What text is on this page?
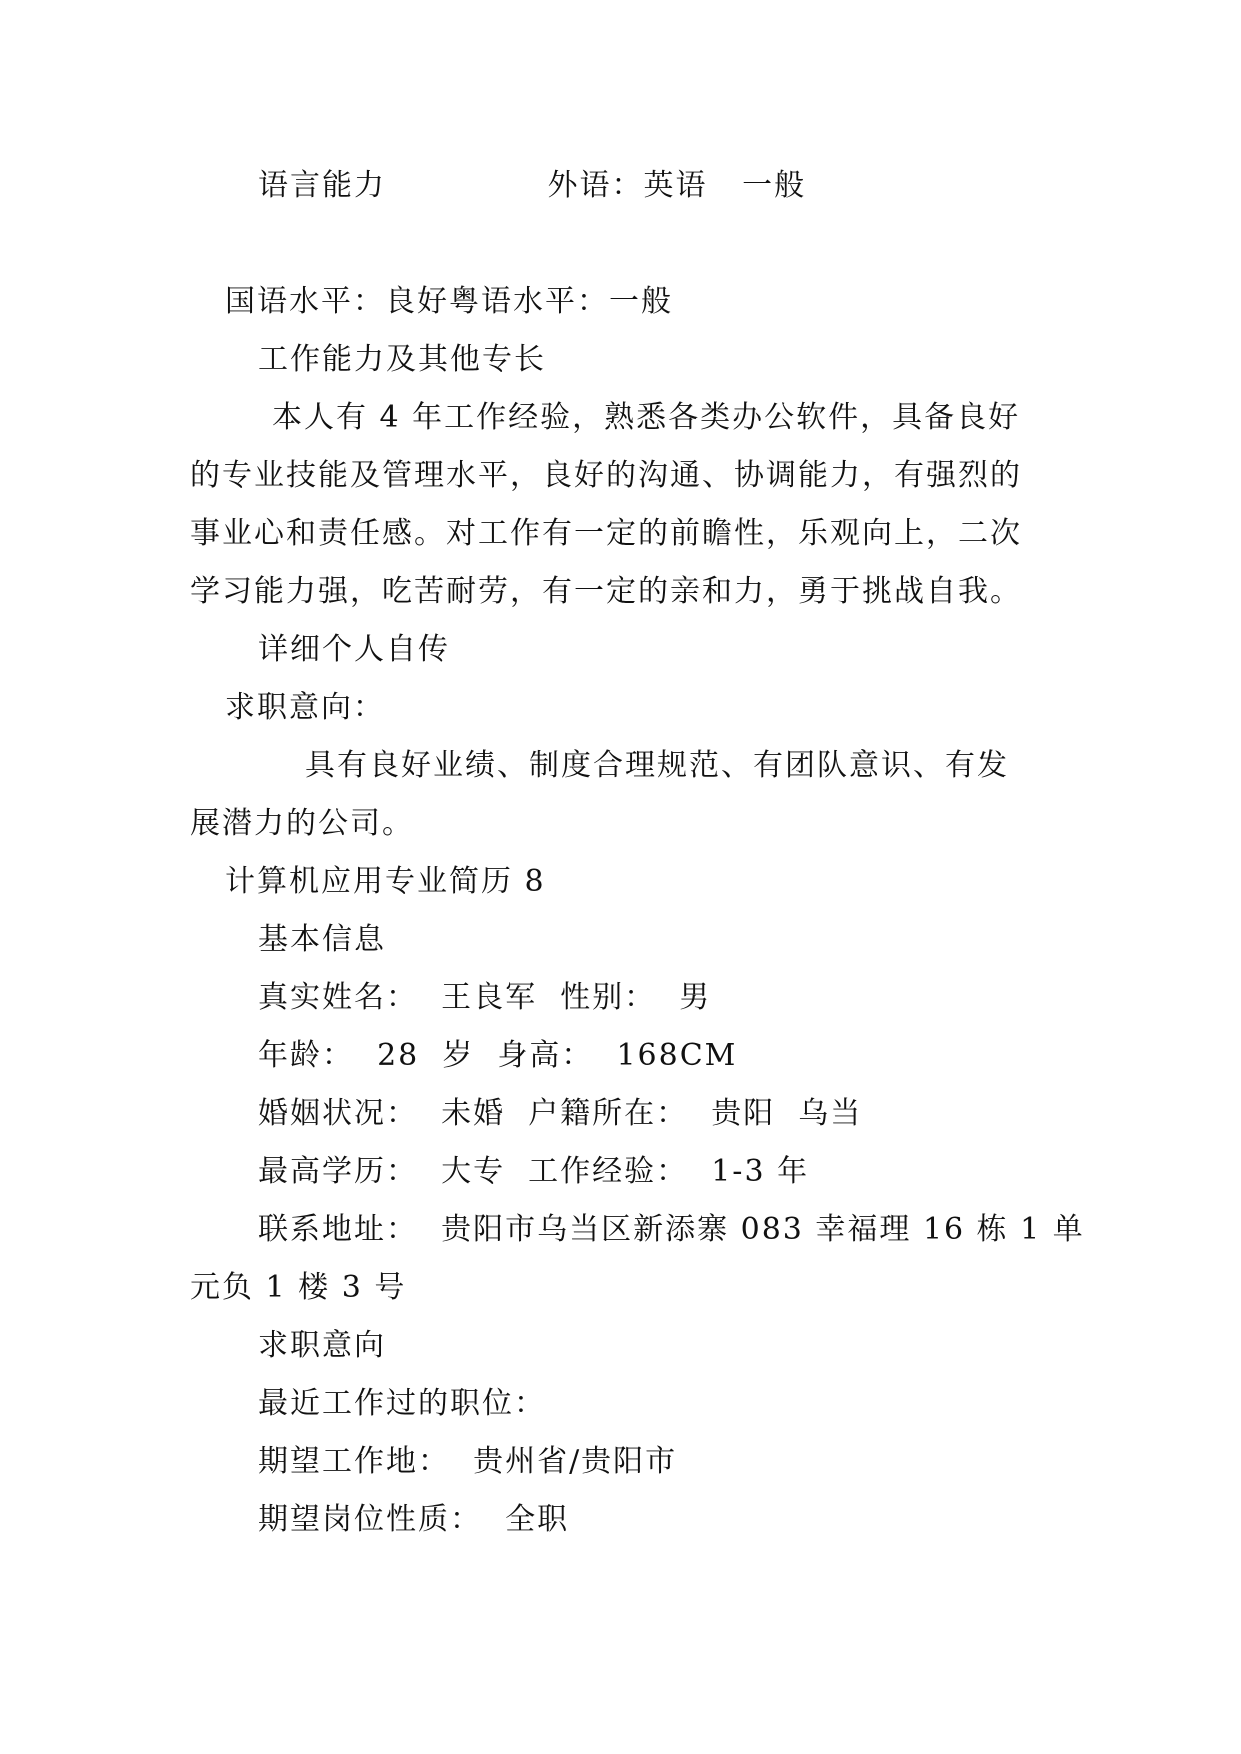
语言能力              外语：英语   一般
国语水平：良好粤语水平：一般
工作能力及其他专长
本人有 4 年工作经验，熟悉各类办公软件，具备良好
的专业技能及管理水平，良好的沟通、协调能力，有强烈的
事业心和责任感。对工作有一定的前瞻性，乐观向上，二次
学习能力强，吃苦耐劳，有一定的亲和力，勇于挑战自我。
详细个人自传
求职意向：
具有良好业绩、制度合理规范、有团队意识、有发
展潜力的公司。
计算机应用专业简历 8
基本信息
真实姓名：  王良军  性别：  男
年龄：  28  岁  身高：  168CM
婚姻状况：  未婚  户籍所在：  贵阳  乌当
最高学历：  大专  工作经验：  1-3 年
联系地址：  贵阳市乌当区新添寨 083 幸福理 16 栋 1 单
元负 1 楼 3 号
求职意向
最近工作过的职位：
期望工作地：  贵州省/贵阳市
期望岗位性质：  全职
